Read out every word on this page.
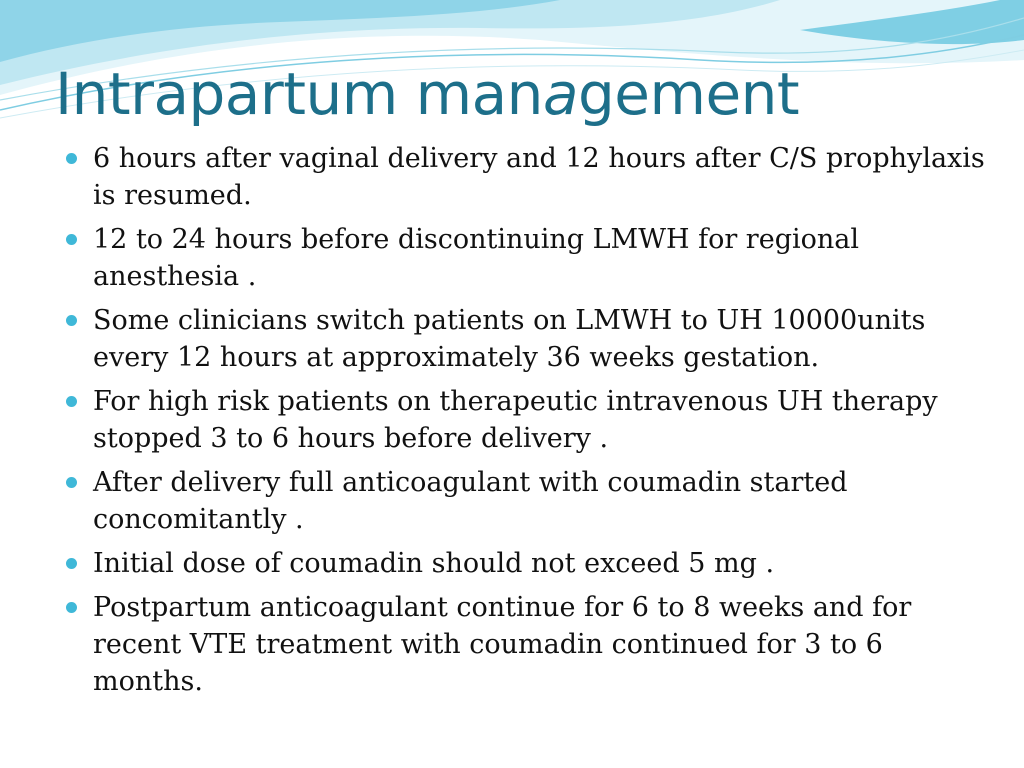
Intrapartum management
6 hours after vaginal delivery and 12 hours after C/S prophylaxis is resumed.
12 to 24 hours before discontinuing LMWH for regional anesthesia .
Some clinicians switch patients on LMWH to UH 10000units every 12 hours at approximately 36 weeks gestation.
For high risk patients on therapeutic intravenous UH therapy stopped 3 to 6 hours before delivery .
After delivery full anticoagulant with coumadin started concomitantly .
Initial dose of coumadin should not exceed 5 mg .
Postpartum anticoagulant continue for 6 to 8 weeks and for recent VTE treatment with coumadin continued for 3 to 6 months.
